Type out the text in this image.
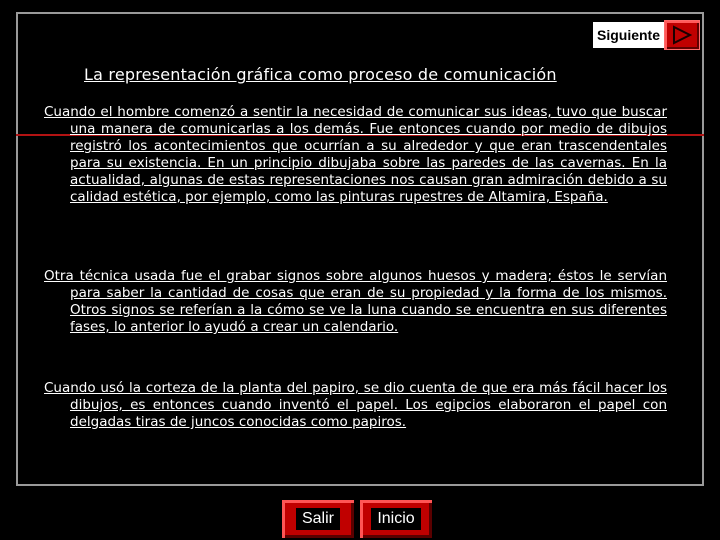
Siguiente
La representación gráfica como proceso de comunicación
Cuando el hombre comenzó a sentir la necesidad de comunicar sus ideas, tuvo que buscar una manera de comunicarlas a los demás. Fue entonces cuando por medio de dibujos registró los acontecimientos que ocurrían a su alrededor y que eran trascendentales para su existencia. En un principio dibujaba sobre las paredes de las cavernas. En la actualidad, algunas de estas representaciones nos causan gran admiración debido a su calidad estética, por ejemplo, como las pinturas rupestres de Altamira, España.
Otra técnica usada fue el grabar signos sobre algunos huesos y madera; éstos le servían para saber la cantidad de cosas que eran de su propiedad y la forma de los mismos. Otros signos se referían a la cómo se ve la luna cuando se encuentra en sus diferentes fases, lo anterior lo ayudó a crear un calendario.
Cuando usó la corteza de la planta del papiro, se dio cuenta de que era más fácil hacer los dibujos, es entonces cuando inventó el papel. Los egipcios elaboraron el papel con delgadas tiras de juncos conocidas como papiros.
Salir	Inicio
